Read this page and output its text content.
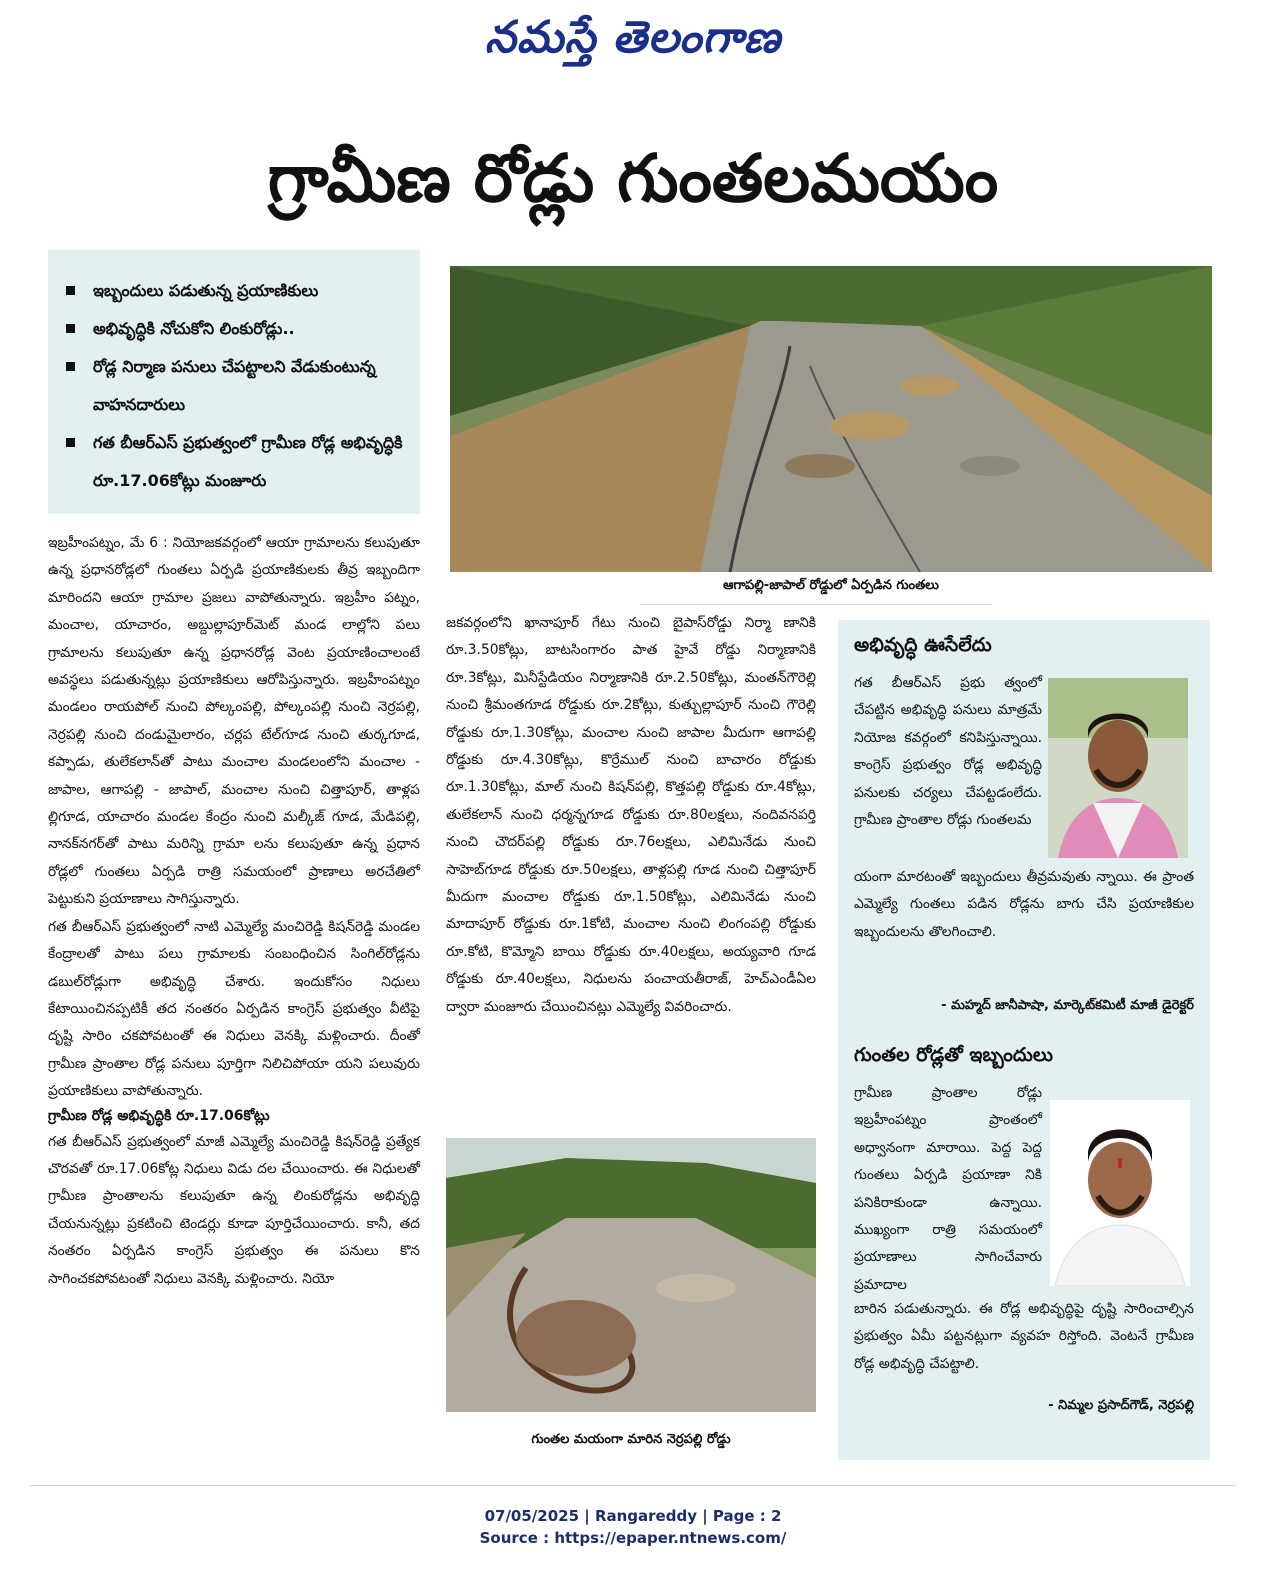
నమస్తే తెలంగాణ
గ్రామీణ రోడ్లు గుంతలమయం
ఇబ్బందులు పడుతున్న ప్రయాణికులు
అభివృద్ధికి నోచుకోని లింకురోడ్లు..
రోడ్ల నిర్మాణ పనులు చేపట్టాలని వేడుకుంటున్న వాహనదారులు
గత బీఆర్ఎస్ ప్రభుత్వంలో గ్రామీణ రోడ్ల అభివృద్ధికి రూ.17.06కోట్లు మంజూరు
ఆగాపల్లి-జాపాల్ రోడ్డులో ఏర్పడిన గుంతలు

ఇబ్రహీంపట్నం, మే 6 : నియోజకవర్గంలో ఆయా గ్రామాలను కలుపుతూ ఉన్న ప్రధానరోడ్లలో గుంతలు ఏర్పడి ప్రయాణికులకు తీవ్ర ఇబ్బందిగా మారిందని ఆయా గ్రామాల ప్రజలు వాపోతున్నారు. ఇబ్రహీం పట్నం, మంచాల, యాచారం, అబ్దుల్లాపూర్‌మెట్ మండ లాల్లోని పలు గ్రామాలను కలుపుతూ ఉన్న ప్రధానరోడ్ల వెంట ప్రయాణించాలంటే అవస్థలు పడుతున్నట్లు ప్రయాణికులు ఆరోపిస్తున్నారు. ఇబ్రహీంపట్నం మండలం రాయపోల్ నుంచి పోల్కంపల్లి, పోల్కంపల్లి నుంచి నెర్రపల్లి, నెర్రపల్లి నుంచి దండుమైలారం, చర్లప టేల్‌గూడ నుంచి తుర్కగూడ, కప్పాడు, తులేకలాన్‌తో పాటు మంచాల మండలంలోని మంచాల - జాపాల, ఆగాపల్లి - జాపాల్, మంచాల నుంచి చిత్తాపూర్, తాళ్లప ల్లిగూడ, యాచారం మండల కేంద్రం నుంచి మల్కీజ్ గూడ, మేడిపల్లి, నానక్‌నగర్‌తో పాటు మరిన్ని గ్రామా లను కలుపుతూ ఉన్న ప్రధాన రోడ్లలో గుంతలు ఏర్పడి రాత్రి సమయంలో ప్రాణాలు అరచేతిలో పెట్టుకుని ప్రయాణాలు సాగిస్తున్నారు.

గత బీఆర్ఎస్ ప్రభుత్వంలో నాటి ఎమ్మెల్యే మంచిరెడ్డి కిషన్‌రెడ్డి మండల కేంద్రాలతో పాటు పలు గ్రామాలకు సంబంధించిన సింగిల్‌రోడ్లను డబుల్‌రోడ్లుగా అభివృద్ధి చేశారు. ఇందుకోసం నిధులు కేటాయించినప్పటికీ తద నంతరం ఏర్పడిన కాంగ్రెస్ ప్రభుత్వం వీటిపై దృష్టి సారిం చకపోవటంతో ఈ నిధులు వెనక్కి మళ్లించారు. దీంతో గ్రామీణ ప్రాంతాల రోడ్ల పనులు పూర్తిగా నిలిచిపోయా యని పలువురు ప్రయాణికులు వాపోతున్నారు.

గ్రామీణ రోడ్ల అభివృద్ధికి రూ.17.06కోట్లు

గత బీఆర్ఎస్ ప్రభుత్వంలో మాజీ ఎమ్మెల్యే మంచిరెడ్డి కిషన్‌రెడ్డి ప్రత్యేక చొరవతో రూ.17.06కోట్ల నిధులు విడు దల చేయించారు. ఈ నిధులతో గ్రామీణ ప్రాంతాలను కలుపుతూ ఉన్న లింకురోడ్లను అభివృద్ధి చేయనున్నట్లు ప్రకటించి టెండర్లు కూడా పూర్తిచేయించారు. కానీ, తద నంతరం ఏర్పడిన కాంగ్రెస్ ప్రభుత్వం ఈ పనులు కొన సాగించకపోవటంతో నిధులు వెనక్కి మళ్లించారు. నియో

జకవర్గంలోని ఖానాపూర్ గేటు నుంచి బైపాస్‌రోడ్డు నిర్మా ణానికి రూ.3.50కోట్లు, బాటసింగారం పాత హైవే రోడ్డు నిర్మాణానికి రూ.3కోట్లు, మినీస్టేడియం నిర్మాణానికి రూ.2.50కోట్లు, మంతన్‌గౌరెల్లి నుంచి శ్రీమంతగూడ రోడ్డుకు రూ.2కోట్లు, కుత్బుల్లాపూర్ నుంచి గౌరెల్లి రోడ్డుకు రూ.1.30కోట్లు, మంచాల నుంచి జాపాల మీదుగా ఆగాపల్లి రోడ్డుకు రూ.4.30కోట్లు, కొర్రేముల్ నుంచి బాచారం రోడ్డుకు రూ.1.30కోట్లు, మాల్ నుంచి కిషన్‌పల్లి, కొత్తపల్లి రోడ్డుకు రూ.4కోట్లు, తులేకలాన్ నుంచి ధర్మన్నగూడ రోడ్డుకు రూ.80లక్షలు, నందివనపర్తి నుంచి చౌదర్‌పల్లి రోడ్డుకు రూ.76లక్షలు, ఎలిమినేడు నుంచి సాహెబ్‌గూడ రోడ్డుకు రూ.50లక్షలు, తాళ్లపల్లి గూడ నుంచి చిత్తాపూర్ మీదుగా మంచాల రోడ్డుకు రూ.1.50కోట్లు, ఎలిమినేడు నుంచి మాదాపూర్ రోడ్డుకు రూ.1కోటి, మంచాల నుంచి లింగంపల్లి రోడ్డుకు రూ.కోటి, కొమ్మోని బాయి రోడ్డుకు రూ.40లక్షలు, అయ్యవారి గూడ రోడ్డుకు రూ.40లక్షలు, నిధులను పంచాయతీరాజ్, హెచ్ఎండీఏల ద్వారా మంజూరు చేయించినట్లు ఎమ్మెల్యే వివరించారు.

గుంతల మయంగా మారిన నెర్రపల్లి రోడ్డు
అభివృద్ధి ఊసేలేదు
గత బీఆర్ఎస్ ప్రభు త్వంలో చేపట్టిన అభివృద్ధి పనులు మాత్రమే నియోజ కవర్గంలో కనిపిస్తున్నాయి. కాంగ్రెస్ ప్రభుత్వం రోడ్ల అభివృద్ధి పనులకు చర్యలు చేపట్టడంలేదు. గ్రామీణ ప్రాంతాల రోడ్లు గుంతలమ
యంగా మారటంతో ఇబ్బందులు తీవ్రమవుతు న్నాయి. ఈ ప్రాంత ఎమ్మెల్యే గుంతలు పడిన రోడ్లను బాగు చేసి ప్రయాణికుల ఇబ్బందులను తొలగించాలి.
- మహ్మద్ జానీపాషా, మార్కెట్‌కమిటీ మాజీ డైరెక్టర్
గుంతల రోడ్లతో ఇబ్బందులు
గ్రామీణ ప్రాంతాల రోడ్లు ఇబ్రహీంపట్నం ప్రాంతంలో అధ్వానంగా మారాయి. పెద్ద పెద్ద గుంతలు ఏర్పడి ప్రయాణా నికి పనికిరాకుండా ఉన్నాయి. ముఖ్యంగా రాత్రి సమయంలో ప్రయాణాలు సాగించేవారు ప్రమాదాల
బారిన పడుతున్నారు. ఈ రోడ్ల అభివృద్ధిపై దృష్టి సారించాల్సిన ప్రభుత్వం ఏమీ పట్టనట్లుగా వ్యవహ రిస్తోంది. వెంటనే గ్రామీణ రోడ్ల అభివృద్ధి చేపట్టాలి.
- నిమ్మల ప్రసాద్‌గౌడ్, నెర్రపల్లి
07/05/2025 | Rangareddy | Page : 2
Source : https://epaper.ntnews.com/
